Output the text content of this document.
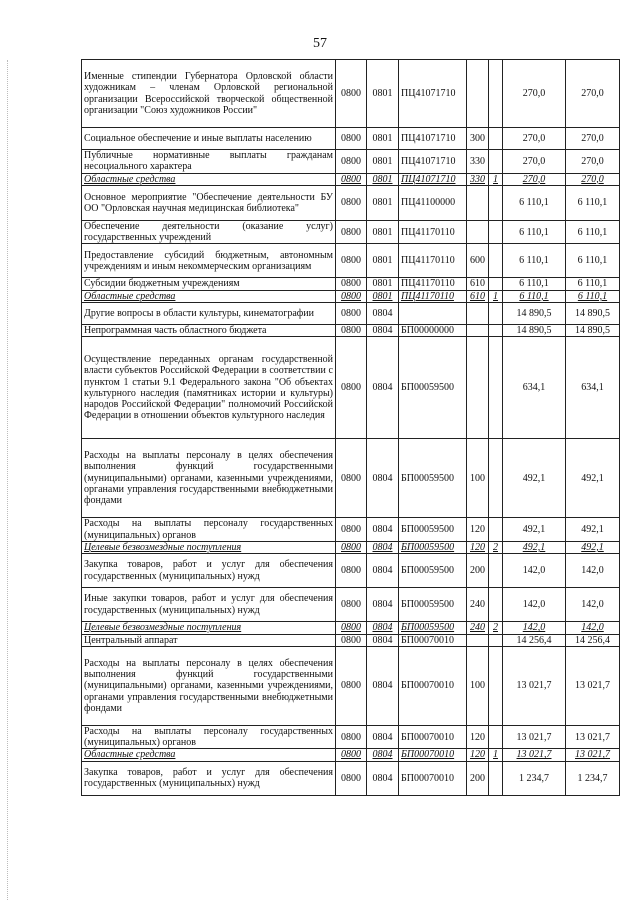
57
Именные стипендии Губернатора Орловской области художникам – членам Орловской региональной организации Всероссийской творческой общественной организации "Союз художников России"	0800	0801	ПЦ41071710			270,0	270,0
Социальное обеспечение и иные выплаты населению	0800	0801	ПЦ41071710	300		270,0	270,0
Публичные нормативные выплаты гражданам несоциального характера	0800	0801	ПЦ41071710	330		270,0	270,0
Областные средства	0800	0801	ПЦ41071710	330	1	270,0	270,0
Основное мероприятие "Обеспечение деятельности БУ ОО "Орловская научная медицинская библиотека"	0800	0801	ПЦ41100000			6 110,1	6 110,1
Обеспечение деятельности (оказание услуг) государственных учреждений	0800	0801	ПЦ41170110			6 110,1	6 110,1
Предоставление субсидий бюджетным, автономным учреждениям и иным некоммерческим организациям	0800	0801	ПЦ41170110	600		6 110,1	6 110,1
Субсидии бюджетным учреждениям	0800	0801	ПЦ41170110	610		6 110,1	6 110,1
Областные средства	0800	0801	ПЦ41170110	610	1	6 110,1	6 110,1
Другие вопросы в области культуры, кинематографии	0800	0804				14 890,5	14 890,5
Непрограммная часть областного бюджета	0800	0804	БП00000000			14 890,5	14 890,5
Осуществление переданных органам государственной власти субъектов Российской Федерации в соответствии с пунктом 1 статьи 9.1 Федерального закона "Об объектах культурного наследия (памятниках истории и культуры) народов Российской Федерации" полномочий Российской Федерации в отношении объектов культурного наследия	0800	0804	БП00059500			634,1	634,1
Расходы на выплаты персоналу в целях обеспечения выполнения функций государственными (муниципальными) органами, казенными учреждениями, органами управления государственными внебюджетными фондами	0800	0804	БП00059500	100		492,1	492,1
Расходы на выплаты персоналу государственных (муниципальных) органов	0800	0804	БП00059500	120		492,1	492,1
Целевые безвозмездные поступления	0800	0804	БП00059500	120	2	492,1	492,1
Закупка товаров, работ и услуг для обеспечения государственных (муниципальных) нужд	0800	0804	БП00059500	200		142,0	142,0
Иные закупки товаров, работ и услуг для обеспечения государственных (муниципальных) нужд	0800	0804	БП00059500	240		142,0	142,0
Целевые безвозмездные поступления	0800	0804	БП00059500	240	2	142,0	142,0
Центральный аппарат	0800	0804	БП00070010			14 256,4	14 256,4
Расходы на выплаты персоналу в целях обеспечения выполнения функций государственными (муниципальными) органами, казенными учреждениями, органами управления государственными внебюджетными фондами	0800	0804	БП00070010	100		13 021,7	13 021,7
Расходы на выплаты персоналу государственных (муниципальных) органов	0800	0804	БП00070010	120		13 021,7	13 021,7
Областные средства	0800	0804	БП00070010	120	1	13 021,7	13 021,7
Закупка товаров, работ и услуг для обеспечения государственных (муниципальных) нужд	0800	0804	БП00070010	200		1 234,7	1 234,7
